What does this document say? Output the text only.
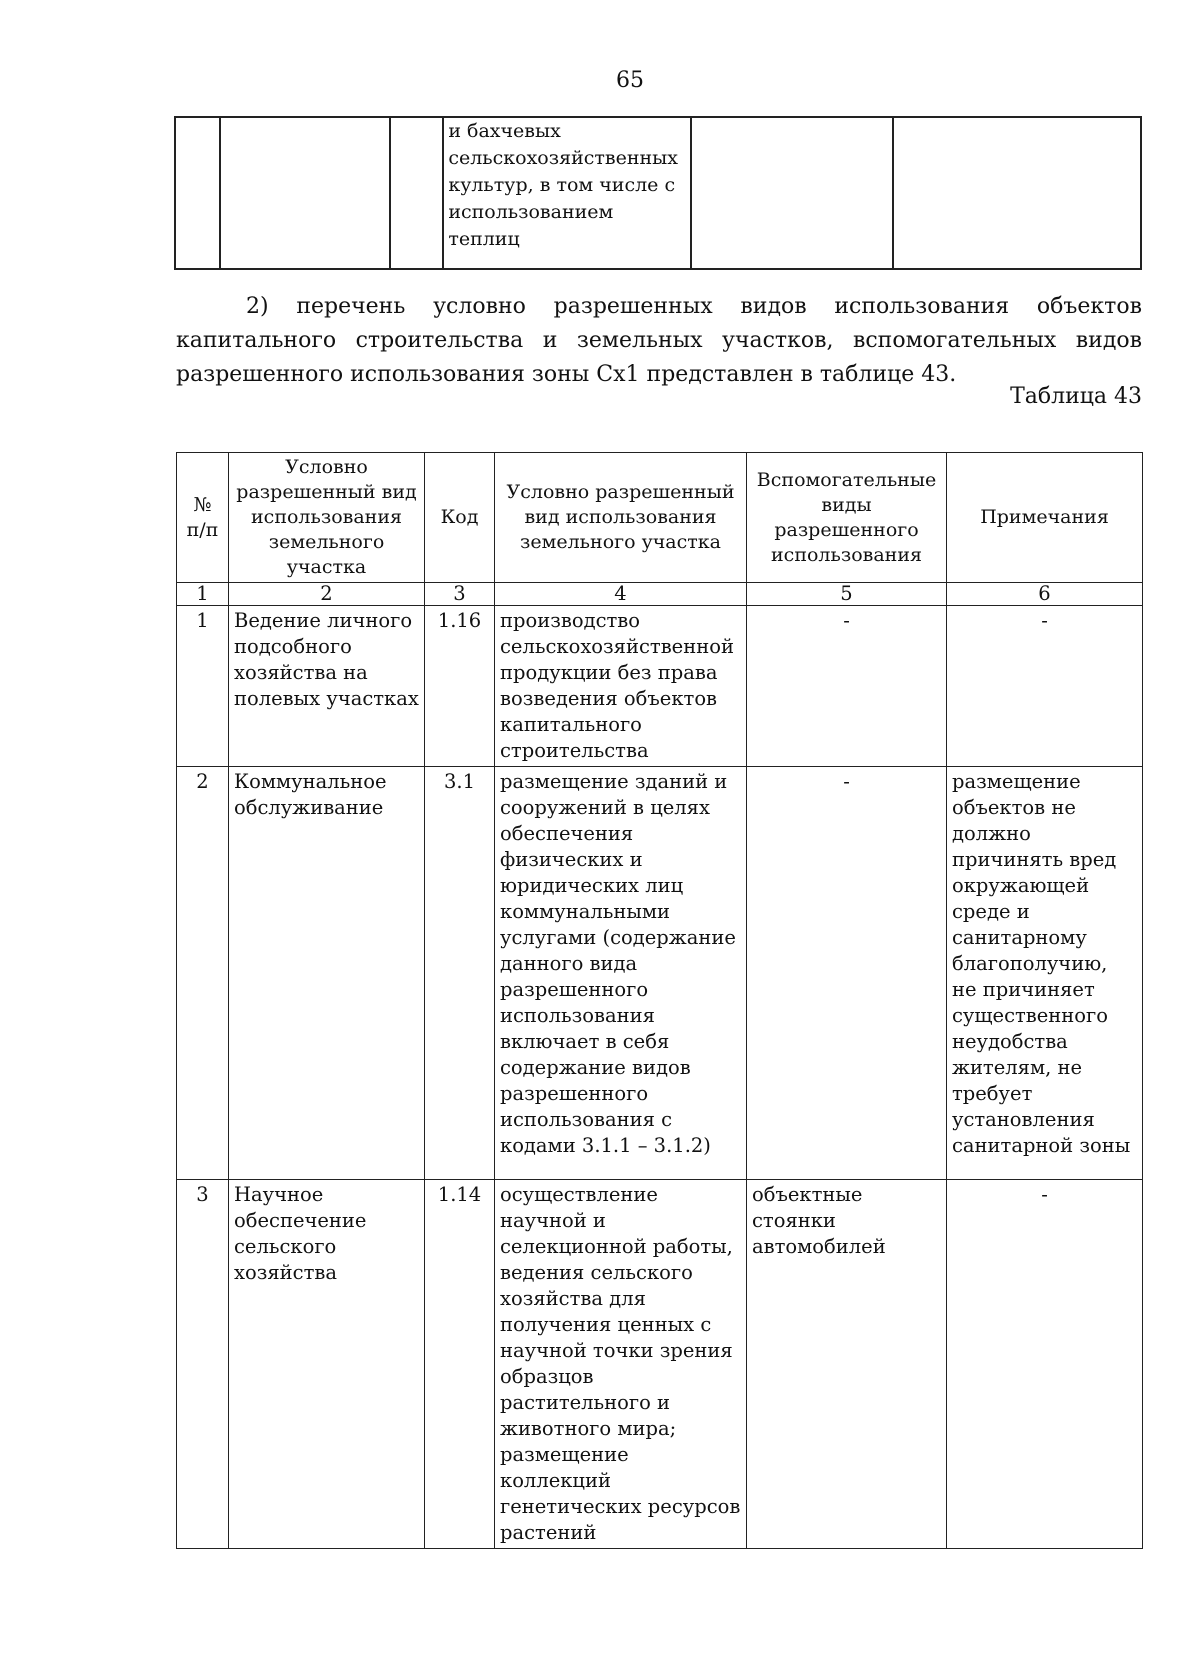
65
			и бахчевых сельскохозяйственных культур, в том числе с использованием теплиц		
2) перечень условно разрешенных видов использования объектов капитального строительства и земельных участков, вспомогательных видов разрешенного использования зоны Сх1 представлен в таблице 43.
Таблица 43
№ п/п	Условно разрешенный вид использования земельного участка	Код	Условно разрешенный вид использования земельного участка	Вспомогательные виды разрешенного использования	Примечания
1	2	3	4	5	6
1	Ведение личного подсобного хозяйства на полевых участках	1.16	производство сельскохозяйственной продукции без права возведения объектов капитального строительства	-	-
2	Коммунальное обслуживание	3.1	размещение зданий и сооружений в целях обеспечения физических и юридических лиц коммунальными услугами (содержание данного вида разрешенного использования включает в себя содержание видов разрешенного использования с кодами 3.1.1 – 3.1.2)	-	размещение объектов не должно причинять вред окружающей среде и санитарному благополучию, не причиняет существенного неудобства жителям, не требует установления санитарной зоны
3	Научное обеспечение сельского хозяйства	1.14	осуществление научной и селекционной работы, ведения сельского хозяйства для получения ценных с научной точки зрения образцов растительного и животного мира; размещение коллекций генетических ресурсов растений	объектные стоянки автомобилей	-
